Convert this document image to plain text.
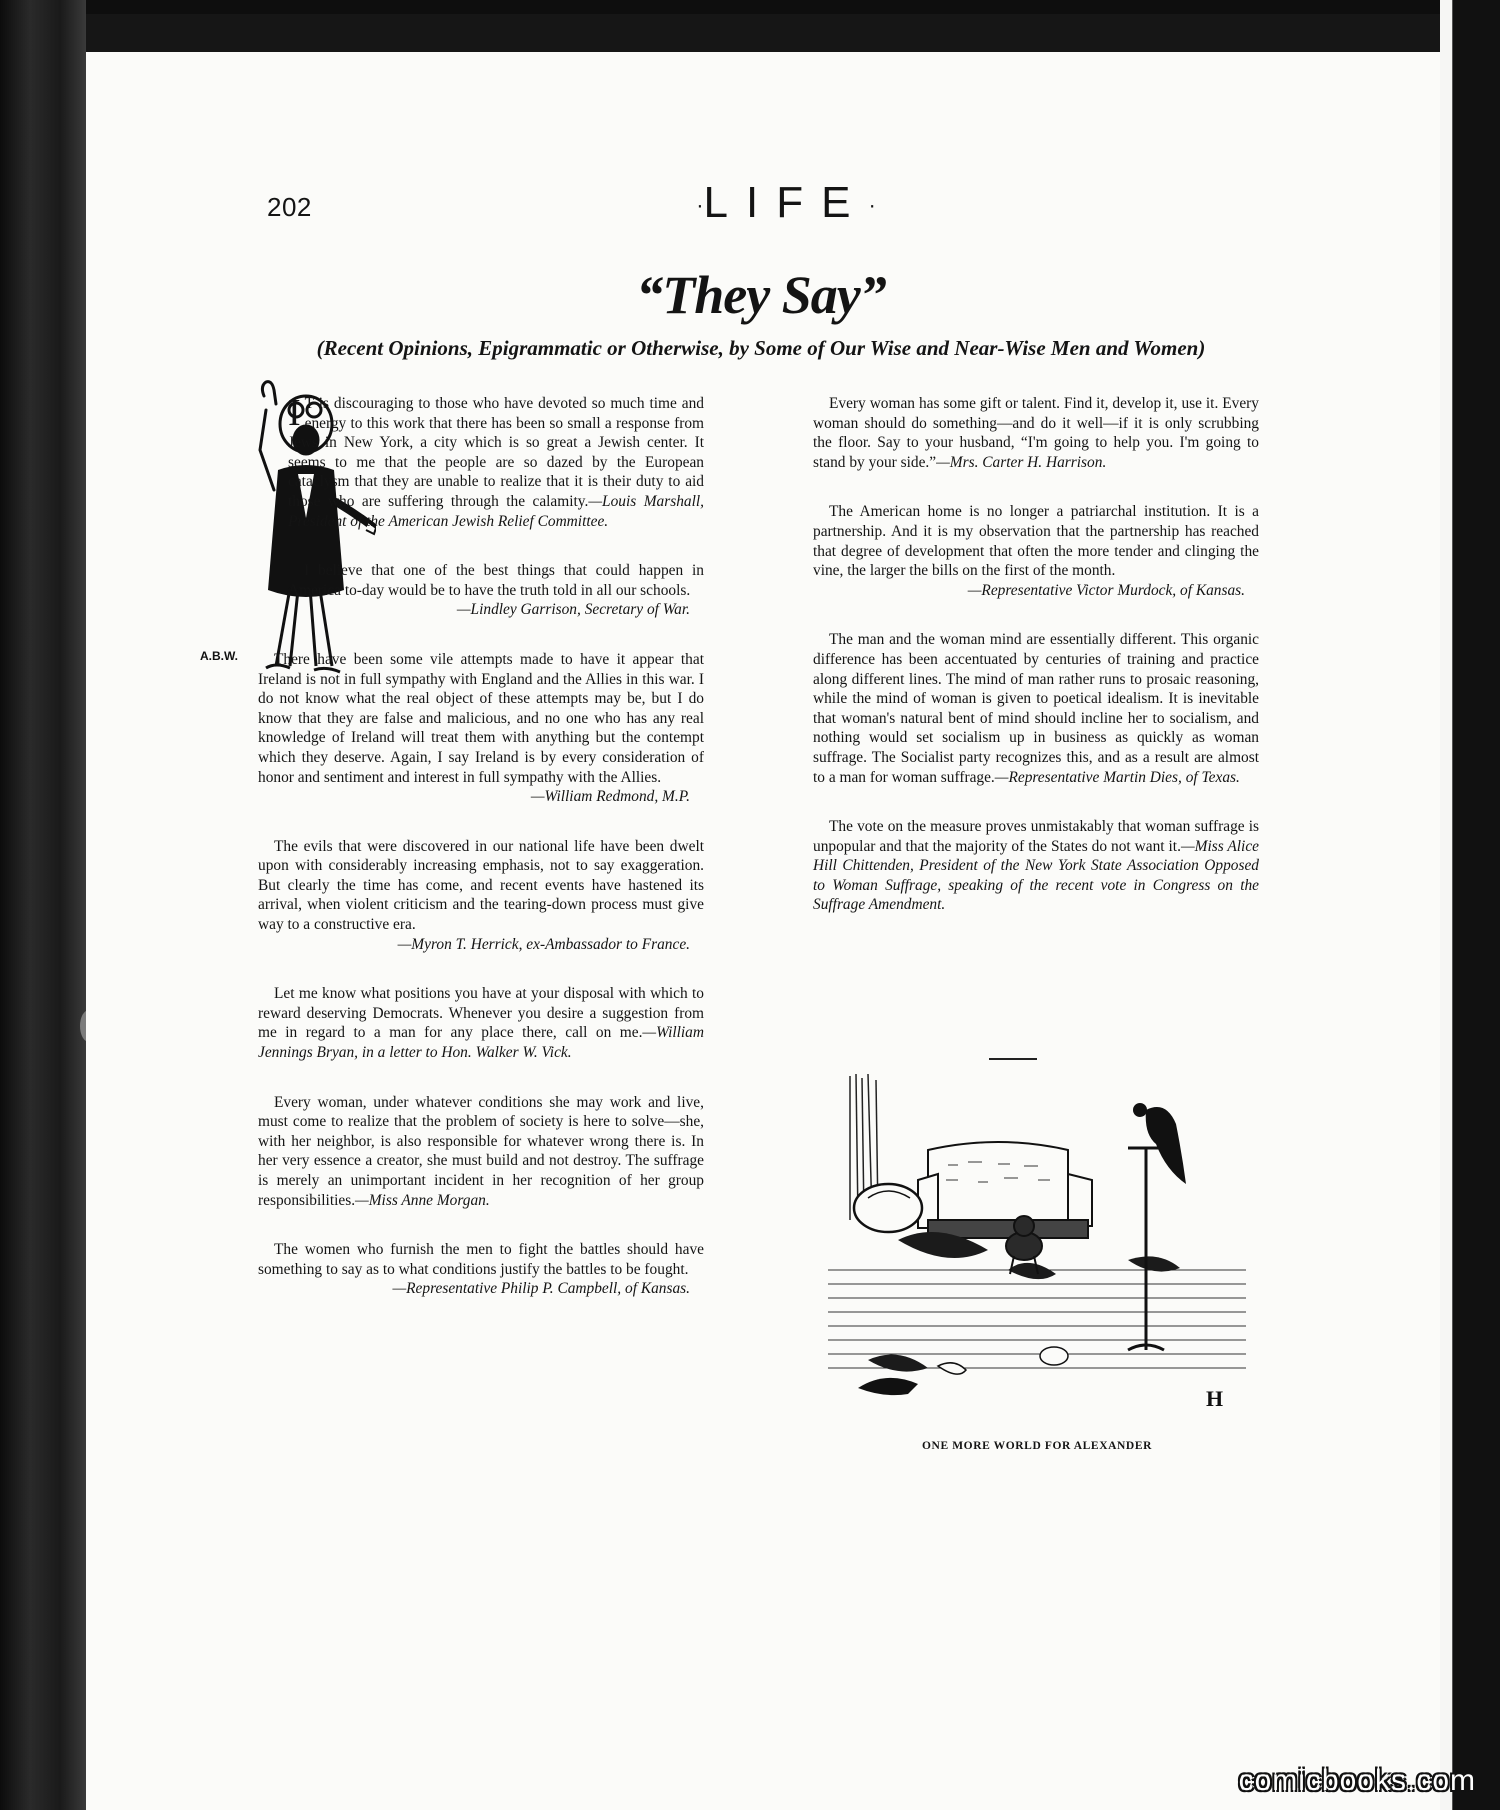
202	·LIFE·
“They Say”
(Recent Opinions, Epigrammatic or Otherwise, by Some of Our Wise and Near-Wise Men and Women)
A.B.W.

I T is discouraging to those who have devoted so much time and energy to this work that there has been so small a response from Jews in New York, a city which is so great a Jewish center. It seems to me that the people are so dazed by the European cataclysm that they are unable to realize that it is their duty to aid those who are suffering through the calamity.—Louis Marshall, President of the American Jewish Relief Committee.

I believe that one of the best things that could happen in America to-day would be to have the truth told in all our schools.
—Lindley Garrison, Secretary of War.

There have been some vile attempts made to have it appear that Ireland is not in full sympathy with England and the Allies in this war. I do not know what the real object of these attempts may be, but I do know that they are false and malicious, and no one who has any real knowledge of Ireland will treat them with anything but the contempt which they deserve. Again, I say Ireland is by every consideration of honor and sentiment and interest in full sympathy with the Allies.
—William Redmond, M.P.

The evils that were discovered in our national life have been dwelt upon with considerably increasing emphasis, not to say exaggeration. But clearly the time has come, and recent events have hastened its arrival, when violent criticism and the tearing-down process must give way to a constructive era.
—Myron T. Herrick, ex-Ambassador to France.

Let me know what positions you have at your disposal with which to reward deserving Democrats. Whenever you desire a suggestion from me in regard to a man for any place there, call on me.—William Jennings Bryan, in a letter to Hon. Walker W. Vick.

Every woman, under whatever conditions she may work and live, must come to realize that the problem of society is here to solve—she, with her neighbor, is also responsible for whatever wrong there is. In her very essence a creator, she must build and not destroy. The suffrage is merely an unimportant incident in her recognition of her group responsibilities.—Miss Anne Morgan.

The women who furnish the men to fight the battles should have something to say as to what conditions justify the battles to be fought.
—Representative Philip P. Campbell, of Kansas.

Every woman has some gift or talent. Find it, develop it, use it. Every woman should do something—and do it well—if it is only scrubbing the floor. Say to your husband, “I'm going to help you. I'm going to stand by your side.”—Mrs. Carter H. Harrison.

The American home is no longer a patriarchal institution. It is a partnership. And it is my observation that the partnership has reached that degree of development that often the more tender and clinging the vine, the larger the bills on the first of the month.
—Representative Victor Murdock, of Kansas.

The man and the woman mind are essentially different. This organic difference has been accentuated by centuries of training and practice along different lines. The mind of man rather runs to prosaic reasoning, while the mind of woman is given to poetical idealism. It is inevitable that woman's natural bent of mind should incline her to socialism, and nothing would set socialism up in business as quickly as woman suffrage. The Socialist party recognizes this, and as a result are almost to a man for woman suffrage.—Representative Martin Dies, of Texas.

The vote on the measure proves unmistakably that woman suffrage is unpopular and that the majority of the States do not want it.—Miss Alice Hill Chittenden, President of the New York State Association Opposed to Woman Suffrage, speaking of the recent vote in Congress on the Suffrage Amendment.

H
ONE MORE WORLD FOR ALEXANDER
comicbooks.com
